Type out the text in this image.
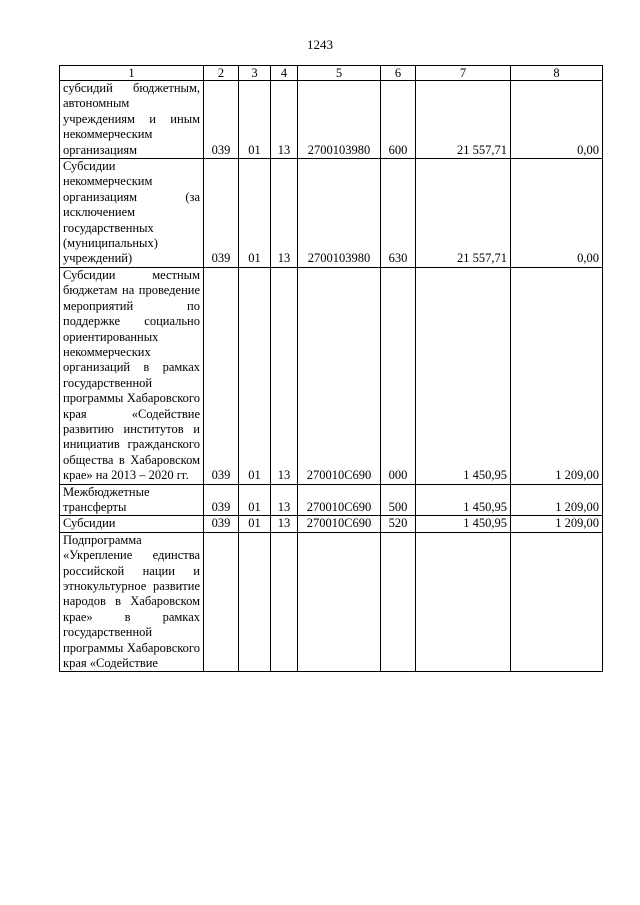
1243
1	2	3	4	5	6	7	8

субсидий бюджетным, автономным учреждениям и иным некоммерческим организациям	039	01	13	2700103980	600	21 557,71	0,00

Субсидии некоммерческим организациям (за исключением государственных (муниципальных) учреждений)	039	01	13	2700103980	630	21 557,71	0,00

Субсидии местным бюджетам на проведение мероприятий по поддержке социально ориентированных некоммерческих организаций в рамках государственной программы Хабаровского края «Содействие развитию институтов и инициатив гражданского общества в Хабаровском крае» на 2013 – 2020 гг.	039	01	13	270010С690	000	1 450,95	1 209,00

Межбюджетные трансферты	039	01	13	270010С690	500	1 450,95	1 209,00

Субсидии	039	01	13	270010С690	520	1 450,95	1 209,00

Подпрограмма «Укрепление единства российской нации и этнокультурное развитие народов в Хабаровском крае» в рамках государственной программы Хабаровского края «Содействие							
